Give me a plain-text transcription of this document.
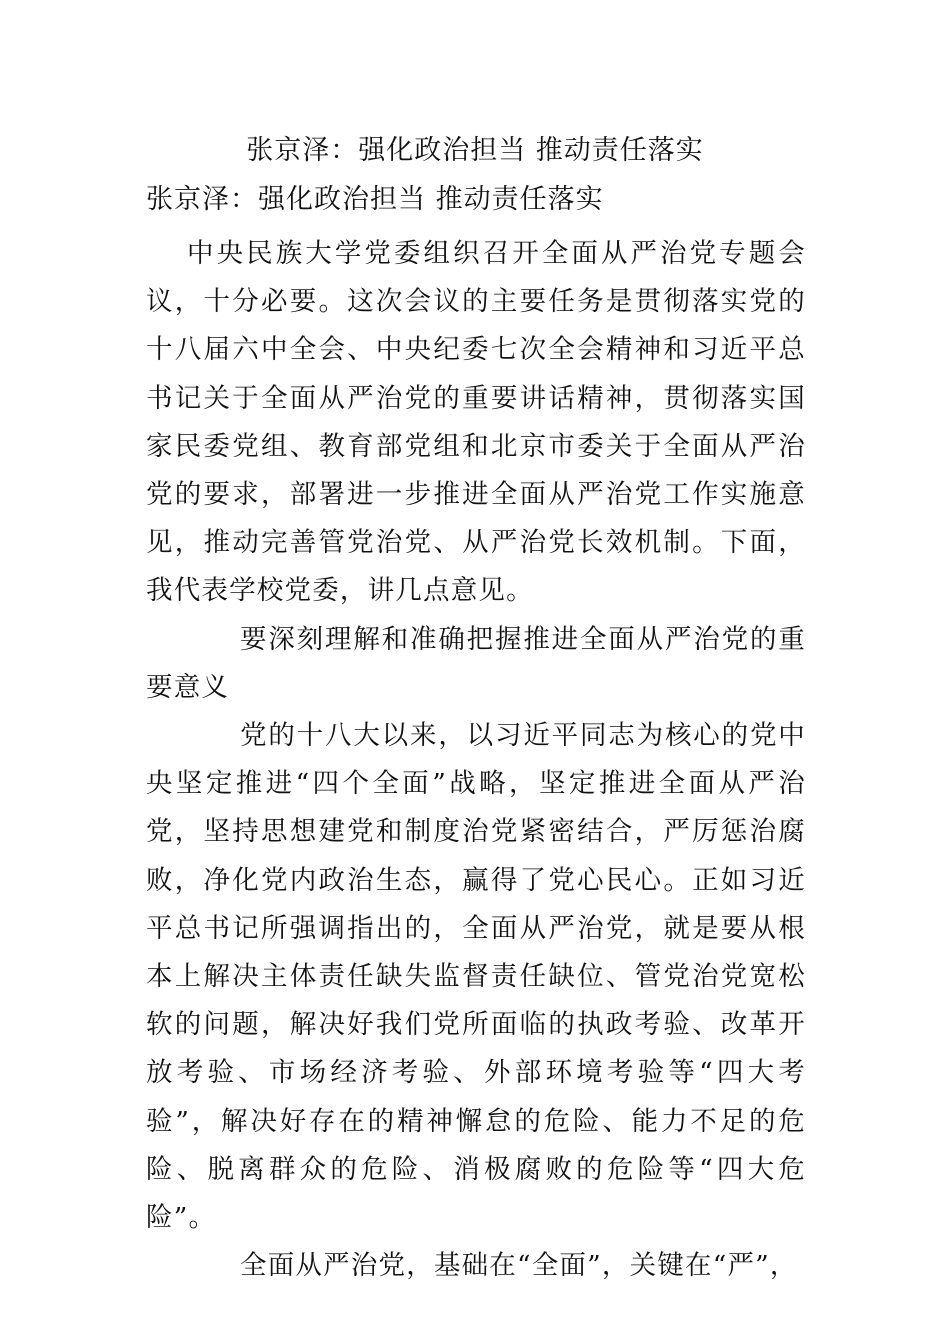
张京泽：强化政治担当 推动责任落实
张京泽：强化政治担当 推动责任落实

中央民族大学党委组织召开全面从严治党专题会议，十分必要。这次会议的主要任务是贯彻落实党的十八届六中全会、中央纪委七次全会精神和习近平总书记关于全面从严治党的重要讲话精神，贯彻落实国家民委党组、教育部党组和北京市委关于全面从严治党的要求，部署进一步推进全面从严治党工作实施意见，推动完善管党治党、从严治党长效机制。下面，我代表学校党委，讲几点意见。

要深刻理解和准确把握推进全面从严治党的重要意义

党的十八大以来，以习近平同志为核心的党中央坚定推进“四个全面”战略，坚定推进全面从严治党，坚持思想建党和制度治党紧密结合，严厉惩治腐败，净化党内政治生态，赢得了党心民心。正如习近平总书记所强调指出的，全面从严治党，就是要从根本上解决主体责任缺失监督责任缺位、管党治党宽松软的问题，解决好我们党所面临的执政考验、改革开放考验、市场经济考验、外部环境考验等“四大考验”，解决好存在的精神懈怠的危险、能力不足的危险、脱离群众的危险、消极腐败的危险等“四大危险”。

全面从严治党，基础在“全面”，关键在“严”，
